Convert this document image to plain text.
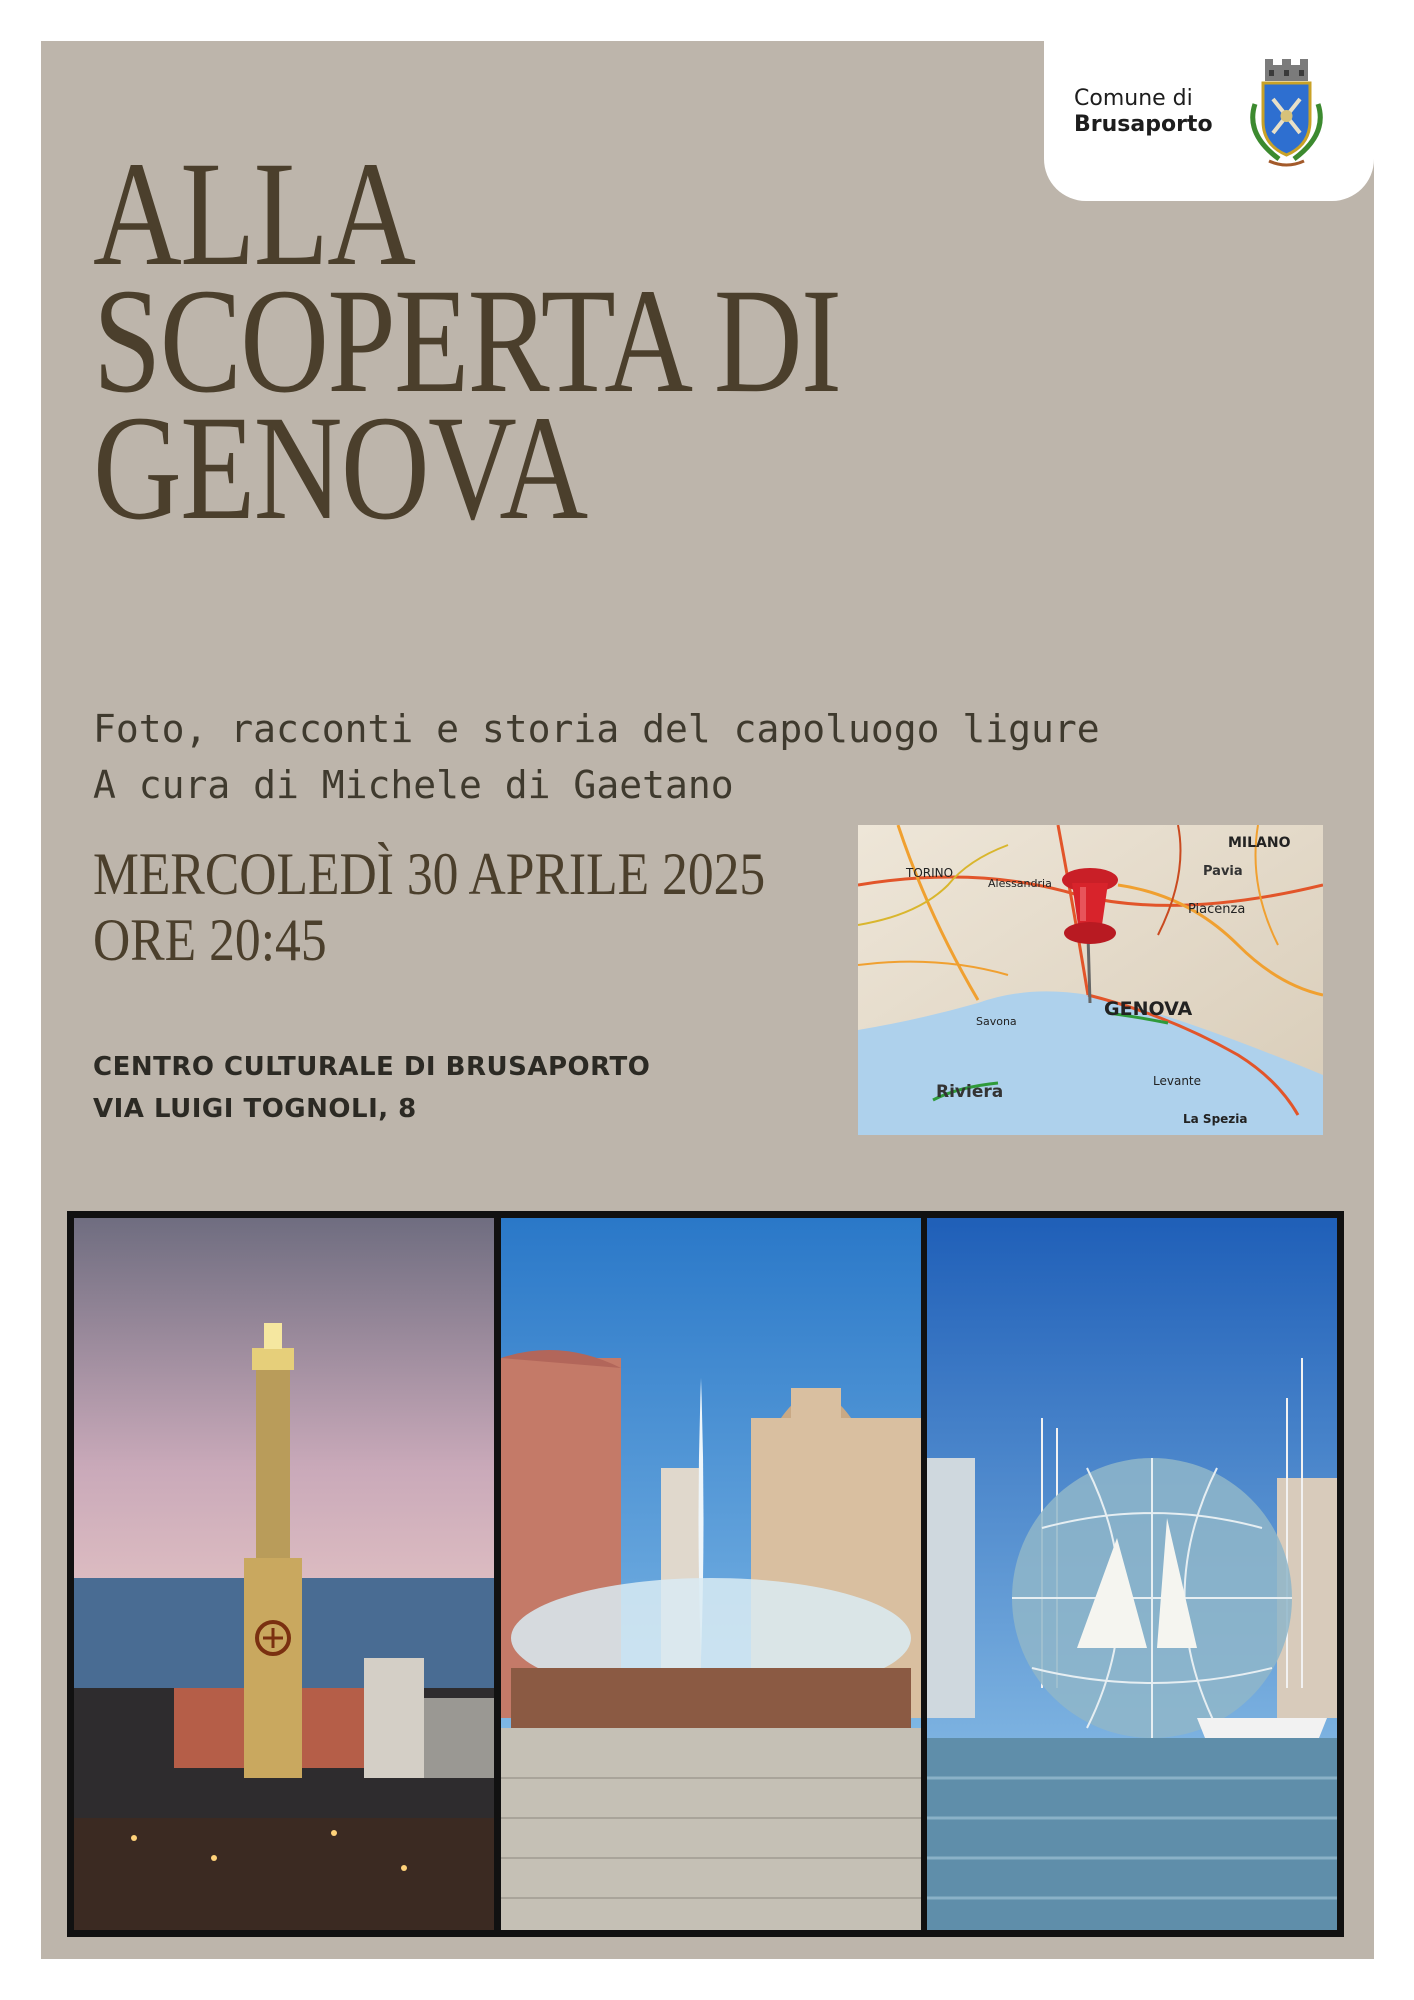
Comune di
Brusaporto
ALLA
SCOPERTA DI
GENOVA
Foto, racconti e storia del capoluogo ligure
A cura di Michele di Gaetano
MERCOLEDÌ 30 APRILE 2025
ORE 20:45
CENTRO CULTURALE DI BRUSAPORTO
VIA LUIGI TOGNOLI, 8
GENOVA
MILANO
TORINO
Piacenza
Pavia
Savona
Riviera
La Spezia
Levante
Alessandria
